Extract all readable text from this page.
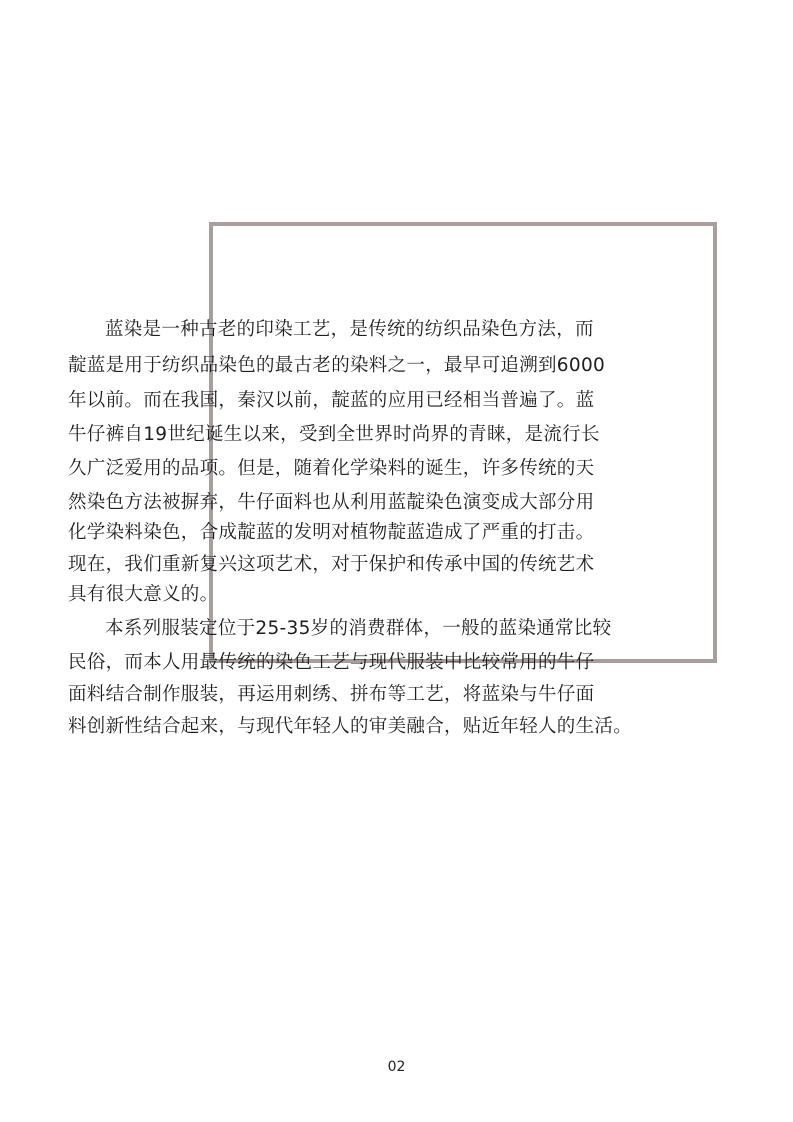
蓝染是一种古老的印染工艺，是传统的纺织品染色方法，而
靛蓝是用于纺织品染色的最古老的染料之一，最早可追溯到6000
年以前。而在我国，秦汉以前，靛蓝的应用已经相当普遍了。蓝
牛仔裤自19世纪诞生以来，受到全世界时尚界的青睐，是流行长
久广泛爱用的品项。但是，随着化学染料的诞生，许多传统的天
然染色方法被摒弃，牛仔面料也从利用蓝靛染色演变成大部分用
化学染料染色，合成靛蓝的发明对植物靛蓝造成了严重的打击。
现在，我们重新复兴这项艺术，对于保护和传承中国的传统艺术
具有很大意义的。
本系列服装定位于25-35岁的消费群体，一般的蓝染通常比较
民俗，而本人用最传统的染色工艺与现代服装中比较常用的牛仔
面料结合制作服装，再运用刺绣、拼布等工艺，将蓝染与牛仔面
料创新性结合起来，与现代年轻人的审美融合，贴近年轻人的生活。
02
